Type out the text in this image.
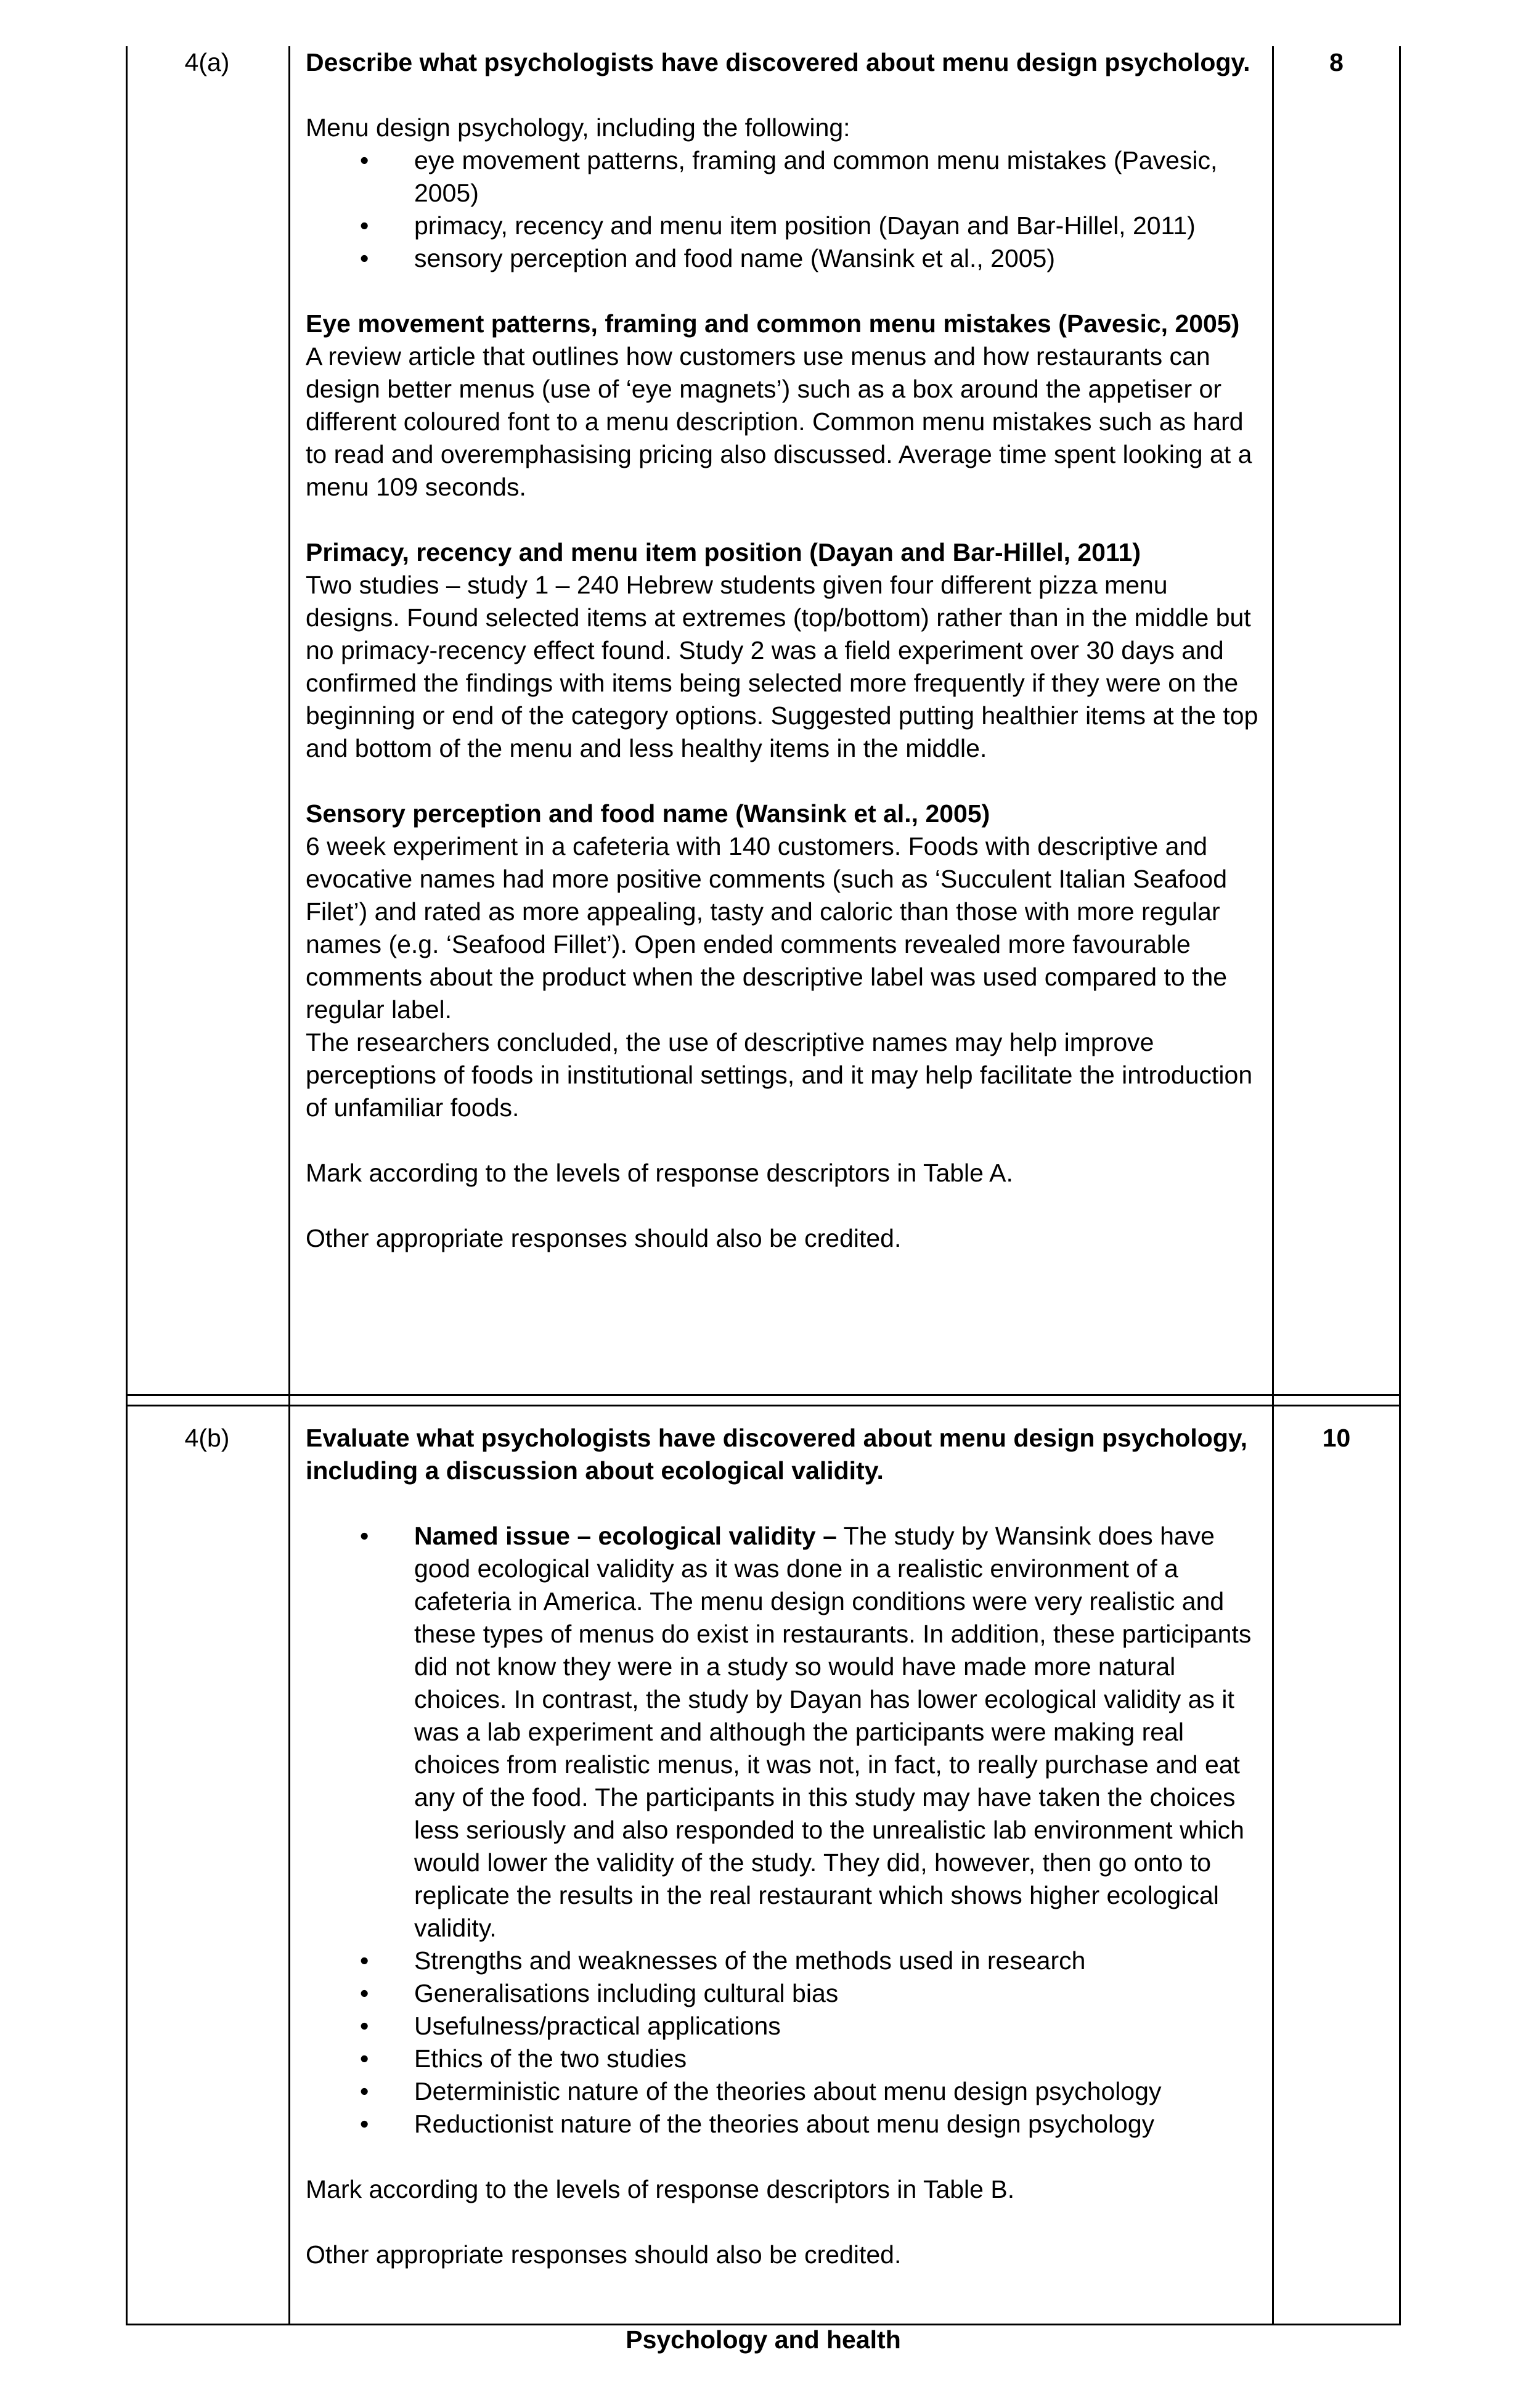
4(a)	8

Describe what psychologists have discovered about menu design psychology.

Menu design psychology, including the following:

• eye movement patterns, framing and common menu mistakes (Pavesic, 2005)
• primacy, recency and menu item position (Dayan and Bar-Hillel, 2011)
• sensory perception and food name (Wansink et al., 2005)

Eye movement patterns, framing and common menu mistakes (Pavesic, 2005)

A review article that outlines how customers use menus and how restaurants can design better menus (use of ‘eye magnets’) such as a box around the appetiser or different coloured font to a menu description. Common menu mistakes such as hard to read and overemphasising pricing also discussed. Average time spent looking at a menu 109 seconds.

Primacy, recency and menu item position (Dayan and Bar-Hillel, 2011)

Two studies – study 1 – 240 Hebrew students given four different pizza menu designs. Found selected items at extremes (top/bottom) rather than in the middle but no primacy-recency effect found. Study 2 was a field experiment over 30 days and confirmed the findings with items being selected more frequently if they were on the beginning or end of the category options. Suggested putting healthier items at the top and bottom of the menu and less healthy items in the middle.

Sensory perception and food name (Wansink et al., 2005)

6 week experiment in a cafeteria with 140 customers. Foods with descriptive and evocative names had more positive comments (such as ‘Succulent Italian Seafood Filet’) and rated as more appealing, tasty and caloric than those with more regular names (e.g. ‘Seafood Fillet’). Open ended comments revealed more favourable comments about the product when the descriptive label was used compared to the regular label.

The researchers concluded, the use of descriptive names may help improve perceptions of foods in institutional settings, and it may help facilitate the introduction of unfamiliar foods.

Mark according to the levels of response descriptors in Table A.

Other appropriate responses should also be credited.

4(b)	10

Evaluate what psychologists have discovered about menu design psychology, including a discussion about ecological validity.

• Named issue – ecological validity – The study by Wansink does have good ecological validity as it was done in a realistic environment of a cafeteria in America. The menu design conditions were very realistic and these types of menus do exist in restaurants. In addition, these participants did not know they were in a study so would have made more natural choices. In contrast, the study by Dayan has lower ecological validity as it was a lab experiment and although the participants were making real choices from realistic menus, it was not, in fact, to really purchase and eat any of the food. The participants in this study may have taken the choices less seriously and also responded to the unrealistic lab environment which would lower the validity of the study. They did, however, then go onto to replicate the results in the real restaurant which shows higher ecological validity.
• Strengths and weaknesses of the methods used in research
• Generalisations including cultural bias
• Usefulness/practical applications
• Ethics of the two studies
• Deterministic nature of the theories about menu design psychology
• Reductionist nature of the theories about menu design psychology

Mark according to the levels of response descriptors in Table B.

Other appropriate responses should also be credited.

Psychology and health
